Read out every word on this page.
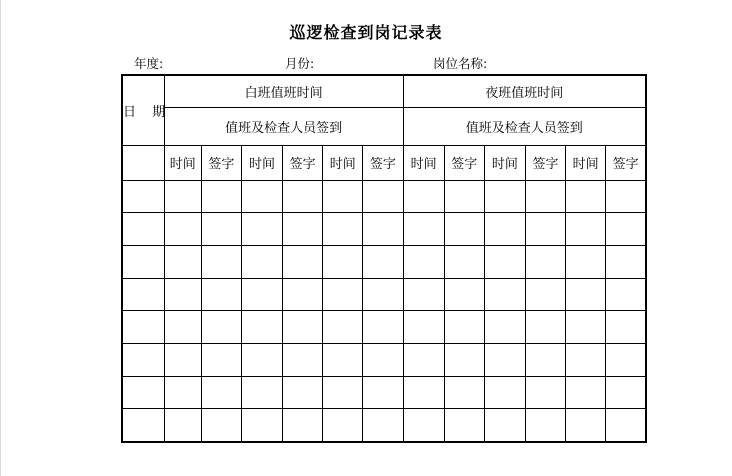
巡逻检查到岗记录表
年度:	月份:	岗位名称:
日 期	白班值班时间						夜班值班时间					
	值班及检查人员签到						值班及检查人员签到					
	时间	签字	时间	签字	时间	签字	时间	签字	时间	签字	时间	签字
